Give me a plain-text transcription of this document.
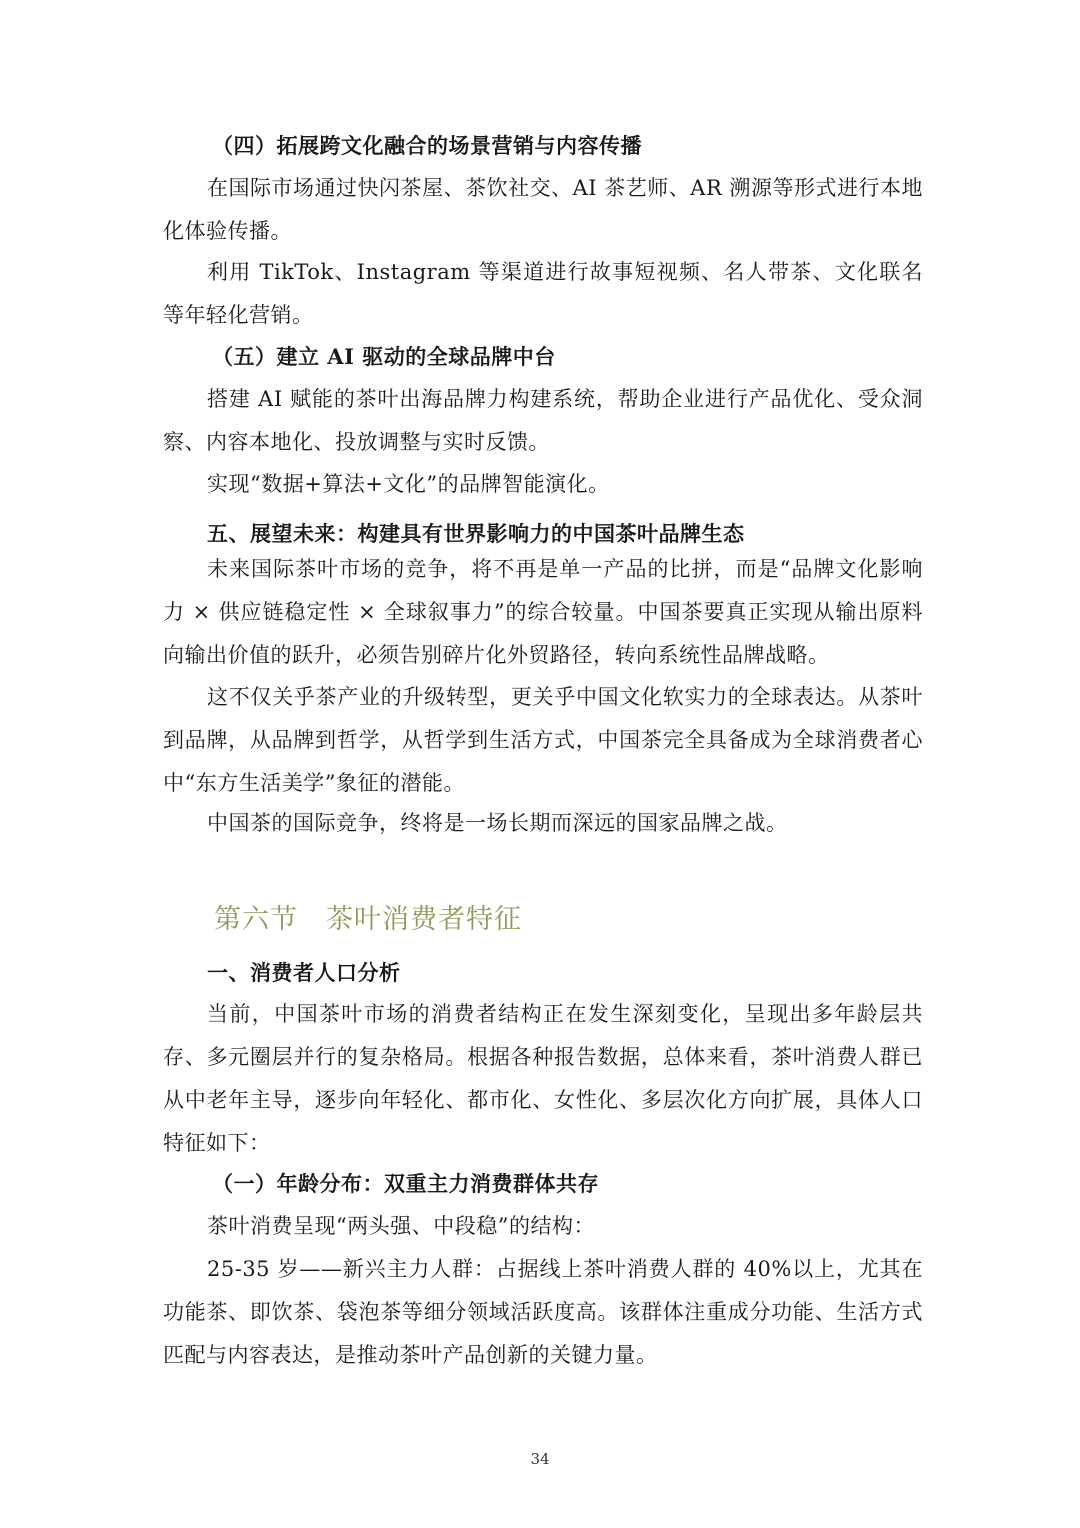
（四）拓展跨文化融合的场景营销与内容传播

在国际市场通过快闪茶屋、茶饮社交、AI 茶艺师、AR 溯源等形式进行本地化体验传播。

利用 TikTok、Instagram 等渠道进行故事短视频、名人带茶、文化联名等年轻化营销。

（五）建立 AI 驱动的全球品牌中台

搭建 AI 赋能的茶叶出海品牌力构建系统，帮助企业进行产品优化、受众洞察、内容本地化、投放调整与实时反馈。

实现“数据+算法+文化”的品牌智能演化。

五、展望未来：构建具有世界影响力的中国茶叶品牌生态

未来国际茶叶市场的竞争，将不再是单一产品的比拼，而是“品牌文化影响力 × 供应链稳定性 × 全球叙事力”的综合较量。中国茶要真正实现从输出原料向输出价值的跃升，必须告别碎片化外贸路径，转向系统性品牌战略。

这不仅关乎茶产业的升级转型，更关乎中国文化软实力的全球表达。从茶叶到品牌，从品牌到哲学，从哲学到生活方式，中国茶完全具备成为全球消费者心中“东方生活美学”象征的潜能。

中国茶的国际竞争，终将是一场长期而深远的国家品牌之战。

第六节　茶叶消费者特征

一、消费者人口分析

当前，中国茶叶市场的消费者结构正在发生深刻变化，呈现出多年龄层共存、多元圈层并行的复杂格局。根据各种报告数据，总体来看，茶叶消费人群已从中老年主导，逐步向年轻化、都市化、女性化、多层次化方向扩展，具体人口特征如下：

（一）年龄分布：双重主力消费群体共存

茶叶消费呈现“两头强、中段稳”的结构：

25-35 岁——新兴主力人群：占据线上茶叶消费人群的 40%以上，尤其在功能茶、即饮茶、袋泡茶等细分领域活跃度高。该群体注重成分功能、生活方式匹配与内容表达，是推动茶叶产品创新的关键力量。

34
